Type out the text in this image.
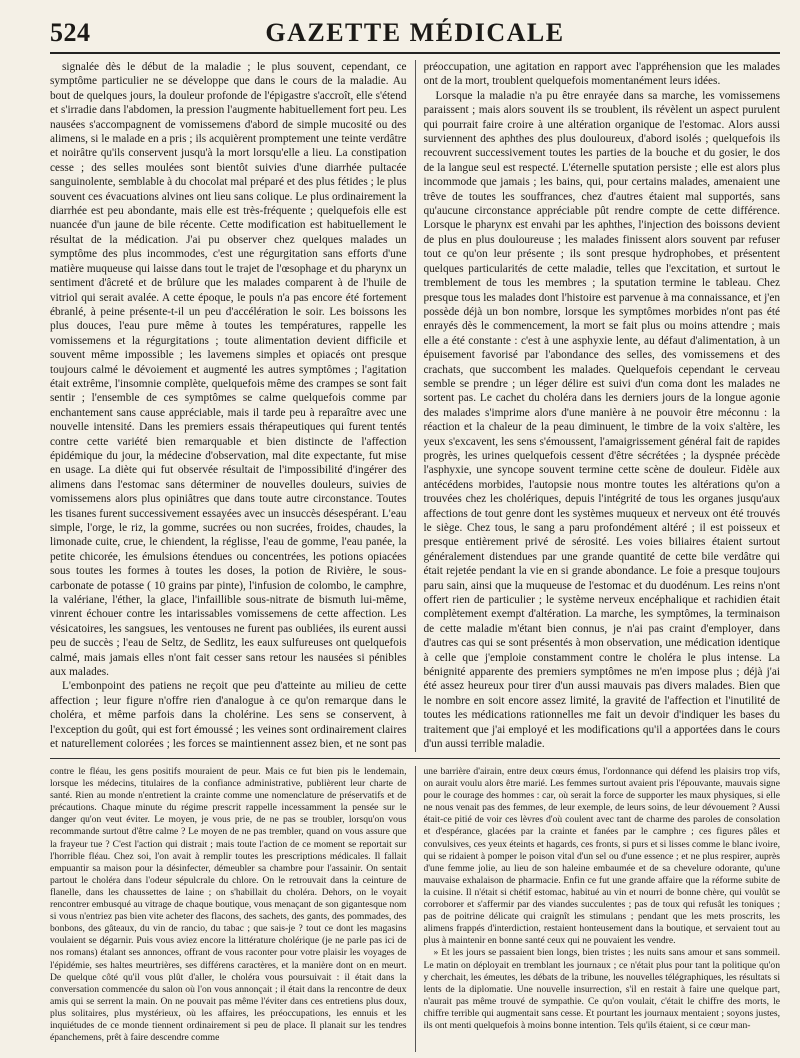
524	GAZETTE MÉDICALE

signalée dès le début de la maladie ; le plus souvent, cependant, ce symptôme particulier ne se développe que dans le cours de la maladie. Au bout de quelques jours, la douleur profonde de l'épigastre s'accroît, elle s'étend et s'irradie dans l'abdomen, la pression l'augmente habituellement fort peu. Les nausées s'accompagnent de vomissemens d'abord de simple mucosité ou des alimens, si le malade en a pris ; ils acquièrent promptement une teinte verdâtre et noirâtre qu'ils conservent jusqu'à la mort lorsqu'elle a lieu. La constipation cesse ; des selles moulées sont bientôt suivies d'une diarrhée pultacée sanguinolente, semblable à du chocolat mal préparé et des plus fétides ; le plus souvent ces évacuations alvines ont lieu sans colique. Le plus ordinairement la diarrhée est peu abondante, mais elle est très-fréquente ; quelquefois elle est nuancée d'un jaune de bile récente. Cette modification est habituellement le résultat de la médication. J'ai pu observer chez quelques malades un symptôme des plus incommodes, c'est une régurgitation sans efforts d'une matière muqueuse qui laisse dans tout le trajet de l'œsophage et du pharynx un sentiment d'âcreté et de brûlure que les malades comparent à de l'huile de vitriol qui serait avalée. A cette époque, le pouls n'a pas encore été fortement ébranlé, à peine présente-t-il un peu d'accélération le soir. Les boissons les plus douces, l'eau pure même à toutes les températures, rappelle les vomissemens et la régurgitations ; toute alimentation devient difficile et souvent même impossible ; les lavemens simples et opiacés ont presque toujours calmé le dévoiement et augmenté les autres symptômes ; l'agitation était extrême, l'insomnie complète, quelquefois même des crampes se sont fait sentir ; l'ensemble de ces symptômes se calme quelquefois comme par enchantement sans cause appréciable, mais il tarde peu à reparaître avec une nouvelle intensité. Dans les premiers essais thérapeutiques qui furent tentés contre cette variété bien remarquable et bien distincte de l'affection épidémique du jour, la médecine d'observation, mal dite expectante, fut mise en usage. La diète qui fut observée résultait de l'impossibilité d'ingérer des alimens dans l'estomac sans déterminer de nouvelles douleurs, suivies de vomissemens alors plus opiniâtres que dans toute autre circonstance. Toutes les tisanes furent successivement essayées avec un insuccès désespérant. L'eau simple, l'orge, le riz, la gomme, sucrées ou non sucrées, froides, chaudes, la limonade cuite, crue, le chiendent, la réglisse, l'eau de gomme, l'eau panée, la petite chicorée, les émulsions étendues ou concentrées, les potions opiacées sous toutes les formes à toutes les doses, la potion de Rivière, le sous-carbonate de potasse ( 10 grains par pinte), l'infusion de colombo, le camphre, la valériane, l'éther, la glace, l'infaillible sous-nitrate de bismuth lui-même, vinrent échouer contre les intarissables vomissemens de cette affection. Les vésicatoires, les sangsues, les ventouses ne furent pas oubliées, ils eurent aussi peu de succès ; l'eau de Seltz, de Sedlitz, les eaux sulfureuses ont quelquefois calmé, mais jamais elles n'ont fait cesser sans retour les nausées si pénibles aux malades.

L'embonpoint des patiens ne reçoit que peu d'atteinte au milieu de cette affection ; leur figure n'offre rien d'analogue à ce qu'on remarque dans le choléra, et même parfois dans la cholérine. Les sens se conservent, à l'exception du goût, qui est fort émoussé ; les veines sont ordinairement claires et naturellement colorées ; les forces se maintiennent assez bien, et ne sont pas

préoccupation, une agitation en rapport avec l'appréhension que les malades ont de la mort, troublent quelquefois momentanément leurs idées.

Lorsque la maladie n'a pu être enrayée dans sa marche, les vomissemens paraissent ; mais alors souvent ils se troublent, ils révèlent un aspect purulent qui pourrait faire croire à une altération organique de l'estomac. Alors aussi surviennent des aphthes des plus douloureux, d'abord isolés ; quelquefois ils recouvrent successivement toutes les parties de la bouche et du gosier, le dos de la langue seul est respecté. L'éternelle sputation persiste ; elle est alors plus incommode que jamais ; les bains, qui, pour certains malades, amenaient une trêve de toutes les souffrances, chez d'autres étaient mal supportés, sans qu'aucune circonstance appréciable pût rendre compte de cette différence. Lorsque le pharynx est envahi par les aphthes, l'injection des boissons devient de plus en plus douloureuse ; les malades finissent alors souvent par refuser tout ce qu'on leur présente ; ils sont presque hydrophobes, et présentent quelques particularités de cette maladie, telles que l'excitation, et surtout le tremblement de tous les membres ; la sputation termine le tableau. Chez presque tous les malades dont l'histoire est parvenue à ma connaissance, et j'en possède déjà un bon nombre, lorsque les symptômes morbides n'ont pas été enrayés dès le commencement, la mort se fait plus ou moins attendre ; mais elle a été constante : c'est à une asphyxie lente, au défaut d'alimentation, à un épuisement favorisé par l'abondance des selles, des vomissemens et des crachats, que succombent les malades. Quelquefois cependant le cerveau semble se prendre ; un léger délire est suivi d'un coma dont les malades ne sortent pas. Le cachet du choléra dans les derniers jours de la longue agonie des malades s'imprime alors d'une manière à ne pouvoir être méconnu : la réaction et la chaleur de la peau diminuent, le timbre de la voix s'altère, les yeux s'excavent, les sens s'émoussent, l'amaigrissement général fait de rapides progrès, les urines quelquefois cessent d'être sécrétées ; la dyspnée précède l'asphyxie, une syncope souvent termine cette scène de douleur. Fidèle aux antécédens morbides, l'autopsie nous montre toutes les altérations qu'on a trouvées chez les cholériques, depuis l'intégrité de tous les organes jusqu'aux affections de tout genre dont les systèmes muqueux et nerveux ont été trouvés le siège. Chez tous, le sang a paru profondément altéré ; il est poisseux et presque entièrement privé de sérosité. Les voies biliaires étaient surtout généralement distendues par une grande quantité de cette bile verdâtre qui était rejetée pendant la vie en si grande abondance. Le foie a presque toujours paru sain, ainsi que la muqueuse de l'estomac et du duodénum. Les reins n'ont offert rien de particulier ; le système nerveux encéphalique et rachidien était complètement exempt d'altération. La marche, les symptômes, la terminaison de cette maladie m'étant bien connus, je n'ai pas craint d'employer, dans d'autres cas qui se sont présentés à mon observation, une médication identique à celle que j'emploie constamment contre le choléra le plus intense. La bénignité apparente des premiers symptômes ne m'en impose plus ; déjà j'ai été assez heureux pour tirer d'un aussi mauvais pas divers malades. Bien que le nombre en soit encore assez limité, la gravité de l'affection et l'inutilité de toutes les médications rationnelles me fait un devoir d'indiquer les bases du traitement que j'ai employé et les modifications qu'il a apportées dans le cours d'un aussi terrible maladie.

contre le fléau, les gens positifs mouraient de peur. Mais ce fut bien pis le lendemain, lorsque les médecins, titulaires de la confiance administrative, publièrent leur charte de santé. Rien au monde n'entretient la crainte comme une nomenclature de préservatifs et de précautions. Chaque minute du régime prescrit rappelle incessamment la pensée sur le danger qu'on veut éviter. Le moyen, je vous prie, de ne pas se troubler, lorsqu'on vous recommande surtout d'être calme ? Le moyen de ne pas trembler, quand on vous assure que la frayeur tue ? C'est l'action qui distrait ; mais toute l'action de ce moment se reportait sur l'horrible fléau. Chez soi, l'on avait à remplir toutes les prescriptions médicales. Il fallait empuantir sa maison pour la désinfecter, démeubler sa chambre pour l'assainir. On sentait partout le choléra dans l'odeur sépulcrale du chlore. On le retrouvait dans la ceinture de flanelle, dans les chaussettes de laine ; on s'habillait du choléra. Dehors, on le voyait rencontrer embusqué au vitrage de chaque boutique, vous menaçant de son gigantesque nom si vous n'entriez pas bien vite acheter des flacons, des sachets, des gants, des pommades, des bonbons, des gâteaux, du vin de rancio, du tabac ; que sais-je ? tout ce dont les magasins voulaient se dégarnir. Puis vous aviez encore la littérature cholérique (je ne parle pas ici de nos romans) étalant ses annonces, offrant de vous raconter pour votre plaisir les voyages de l'épidémie, ses haltes meurtrières, ses différens caractères, et la manière dont on en meurt. De quelque côté qu'il vous plût d'aller, le choléra vous poursuivait : il était dans la conversation commencée du salon où l'on vous annonçait ; il était dans la rencontre de deux amis qui se serrent la main. On ne pouvait pas même l'éviter dans ces entretiens plus doux, plus solitaires, plus mystérieux, où les affaires, les préoccupations, les ennuis et les inquiétudes de ce monde tiennent ordinairement si peu de place. Il planait sur les tendres épanchemens, prêt à faire descendre comme

une barrière d'airain, entre deux cœurs émus, l'ordonnance qui défend les plaisirs trop vifs, on aurait voulu alors être marié. Les femmes surtout avaient pris l'épouvante, mauvais signe pour le courage des hommes : car, où serait la force de supporter les maux physiques, si elle ne nous venait pas des femmes, de leur exemple, de leurs soins, de leur dévouement ? Aussi était-ce pitié de voir ces lèvres d'où coulent avec tant de charme des paroles de consolation et d'espérance, glacées par la crainte et fanées par le camphre ; ces figures pâles et convulsives, ces yeux éteints et hagards, ces fronts, si purs et si lisses comme le blanc ivoire, qui se ridaient à pomper le poison vital d'un sel ou d'une essence ; et ne plus respirer, auprès d'une femme jolie, au lieu de son haleine embaumée et de sa chevelure odorante, qu'une mauvaise exhalaison de pharmacie. Enfin ce fut une grande affaire que la réforme subite de la cuisine. Il n'était si chétif estomac, habitué au vin et nourri de bonne chère, qui voulût se corroborer et s'affermir par des viandes succulentes ; pas de toux qui refusât les toniques ; pas de poitrine délicate qui craignît les stimulans ; pendant que les mets proscrits, les alimens frappés d'interdiction, restaient honteusement dans la boutique, et servaient tout au plus à maintenir en bonne santé ceux qui ne pouvaient les vendre.

» Et les jours se passaient bien longs, bien tristes ; les nuits sans amour et sans sommeil. Le matin on déployait en tremblant les journaux ; ce n'était plus pour tant la politique qu'on y cherchait, les émeutes, les débats de la tribune, les nouvelles télégraphiques, les résultats si lents de la diplomatie. Une nouvelle insurrection, s'il en restait à faire une quelque part, n'aurait pas même trouvé de sympathie. Ce qu'on voulait, c'était le chiffre des morts, le chiffre terrible qui augmentait sans cesse. Et pourtant les journaux mentaient ; soyons justes, ils ont menti quelquefois à moins bonne intention. Tels qu'ils étaient, si ce cœur man-
